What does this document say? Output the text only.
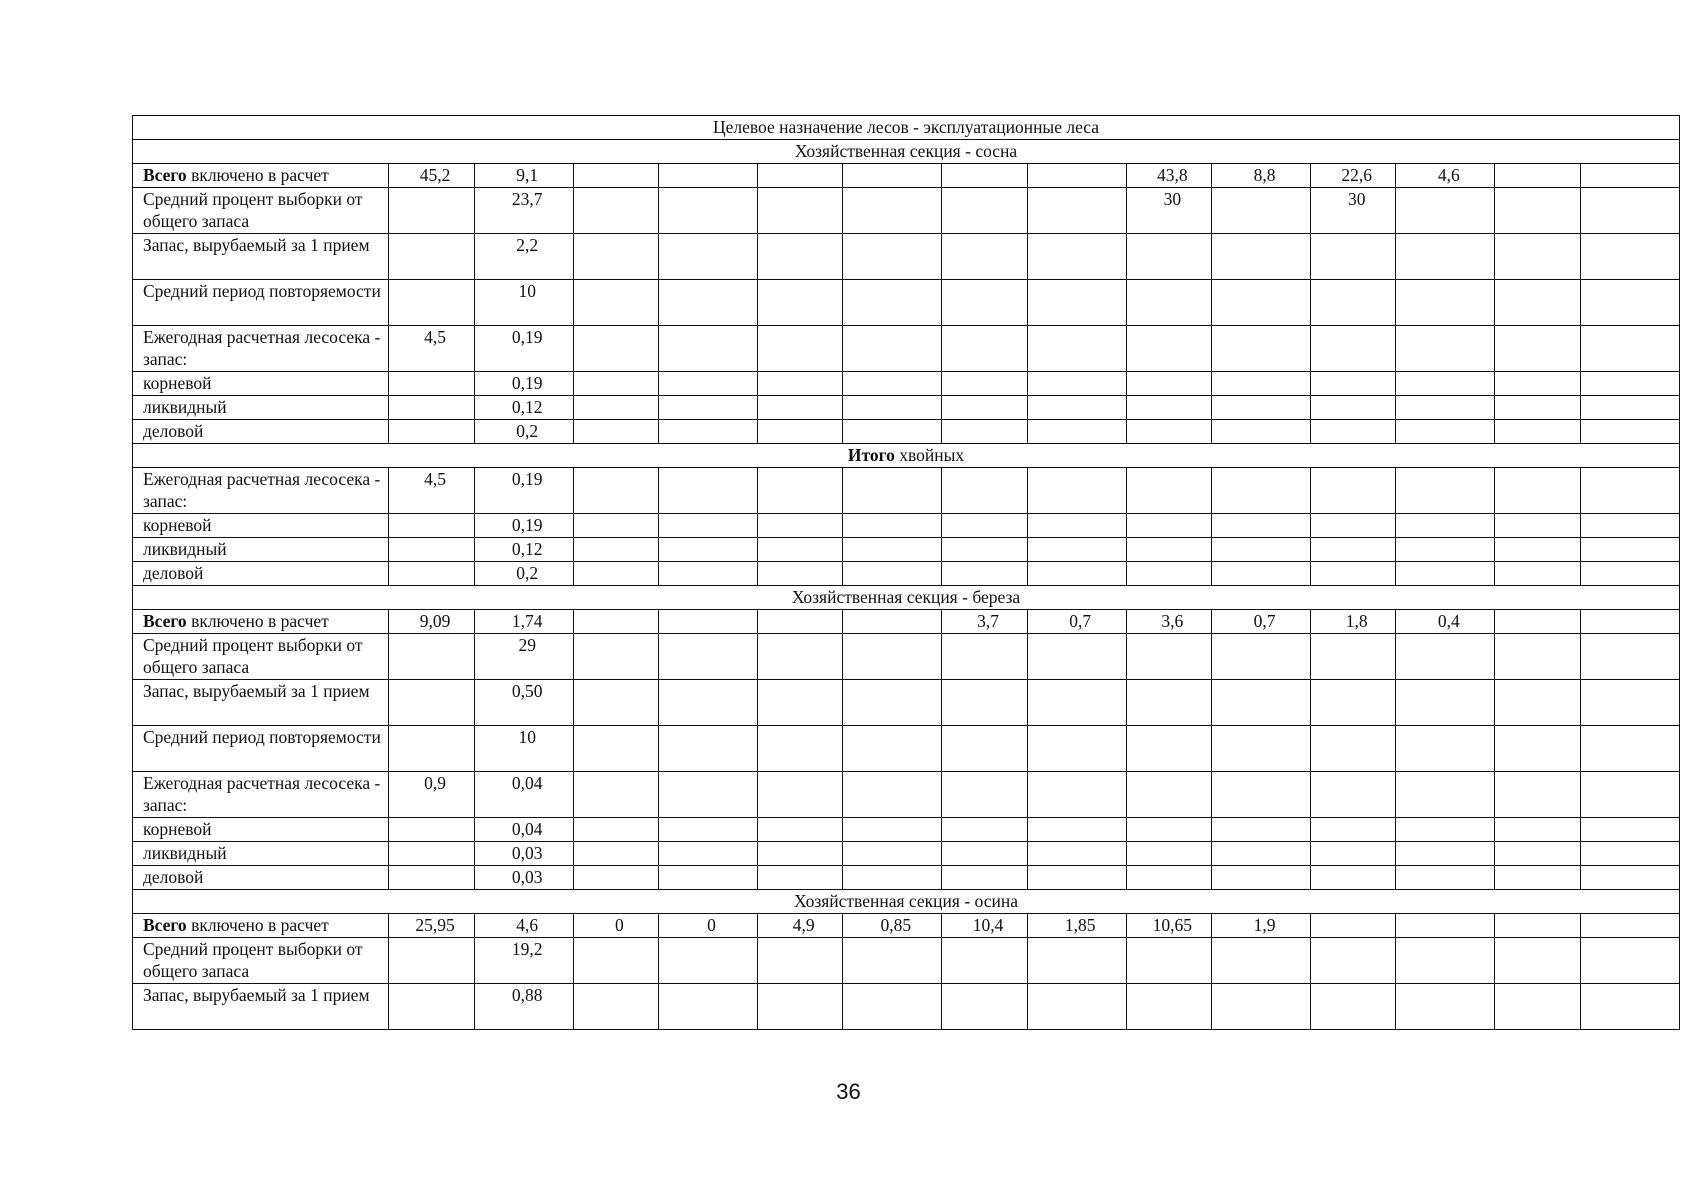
Целевое назначение лесов - эксплуатационные леса														
Хозяйственная секция - сосна														
Всего включено в расчет	45,2	9,1							43,8	8,8	22,6	4,6		
Средний процент выборки от общего запаса		23,7							30		30			
Запас, вырубаемый за 1 прием		2,2												
Средний период повторяемости		10												
Ежегодная расчетная лесосека - запас:	4,5	0,19												
корневой		0,19												
ликвидный		0,12												
деловой		0,2												
Итого хвойных														
Ежегодная расчетная лесосека - запас:	4,5	0,19												
корневой		0,19												
ликвидный		0,12												
деловой		0,2												
Хозяйственная секция - береза														
Всего включено в расчет	9,09	1,74					3,7	0,7	3,6	0,7	1,8	0,4		
Средний процент выборки от общего запаса		29												
Запас, вырубаемый за 1 прием		0,50												
Средний период повторяемости		10												
Ежегодная расчетная лесосека - запас:	0,9	0,04												
корневой		0,04												
ликвидный		0,03												
деловой		0,03												
Хозяйственная секция - осина														
Всего включено в расчет	25,95	4,6	0	0	4,9	0,85	10,4	1,85	10,65	1,9				
Средний процент выборки от общего запаса		19,2												
Запас, вырубаемый за 1 прием		0,88												
36
